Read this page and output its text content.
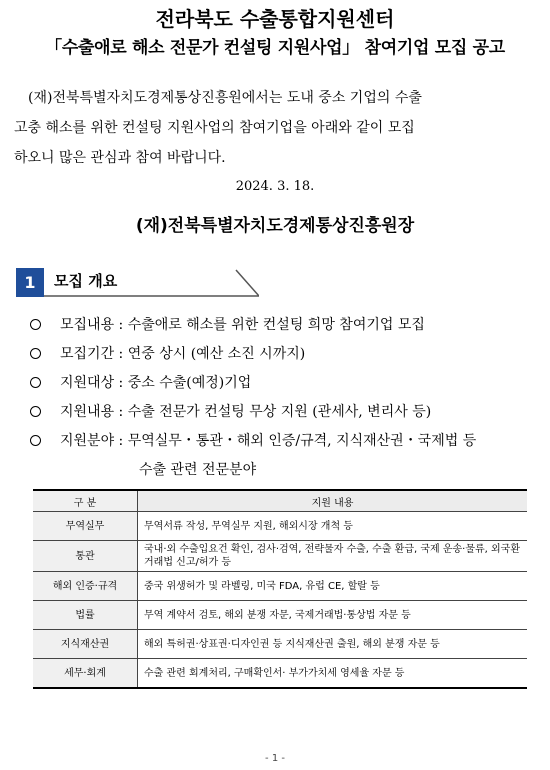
전라북도 수출통합지원센터
「수출애로 해소 전문가 컨설팅 지원사업」 참여기업 모집 공고
(재)전북특별자치도경제통상진흥원에서는 도내 중소 기업의 수출
고충 해소를 위한 컨설팅 지원사업의 참여기업을 아래와 같이 모집
하오니 많은 관심과 참여 바랍니다.
2024. 3. 18.
(재)전북특별자치도경제통상진흥원장
1	모집 개요
모집내용 : 수출애로 해소를 위한 컨설팅 희망 참여기업 모집
모집기간 : 연중 상시 (예산 소진 시까지)
지원대상 : 중소 수출(예정)기업
지원내용 : 수출 전문가 컨설팅 무상 지원 (관세사, 변리사 등)
지원분야 : 무역실무・통관・해외 인증/규격, 지식재산권・국제법 등
수출 관련 전문분야
구 분	지원 내용
무역실무	무역서류 작성, 무역실무 지원, 해외시장 개척 등
통관	국내·외 수출입요건 확인, 검사·검역, 전략물자 수출, 수출 환급, 국제 운송·물류, 외국환거래법 신고/허가 등
해외 인증·규격	중국 위생허가 및 라벨링, 미국 FDA, 유럽 CE, 할랄 등
법률	무역 계약서 검토, 해외 분쟁 자문, 국제거래법·통상법 자문 등
지식재산권	해외 특허권·상표권·디자인권 등 지식재산권 출원, 해외 분쟁 자문 등
세무·회계	수출 관련 회계처리, 구매확인서· 부가가치세 영세율 자문 등
- 1 -
